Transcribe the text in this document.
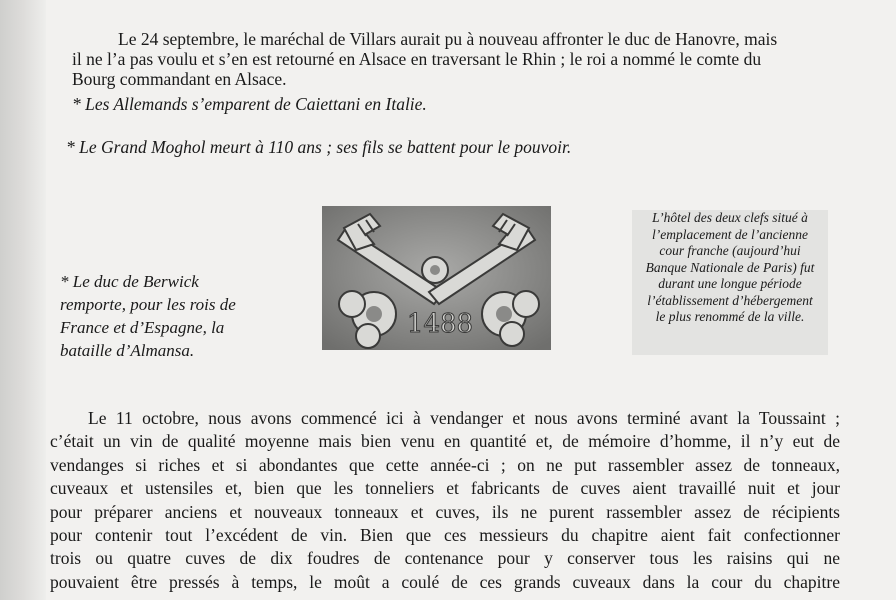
Le 24 septembre, le maréchal de Villars aurait pu à nouveau affronter le duc de Hanovre, mais
il ne l’a pas voulu et s’en est retourné en Alsace en traversant le Rhin ; le roi a nommé le comte du
Bourg commandant en Alsace.

* Les Allemands s’emparent de Caiettani en Italie.

* Le Grand Moghol meurt à 110 ans ; ses fils se battent pour le pouvoir.

* Le duc de Berwick
remporte, pour les rois de
France et d’Espagne, la
bataille d’Almansa.
1488
L’hôtel des deux clefs situé à
l’emplacement de l’ancienne
cour franche (aujourd’hui
Banque Nationale de Paris) fut
durant une longue période
l’établissement d’hébergement
le plus renommé de la ville.
Le 11 octobre, nous avons commencé ici à vendanger et nous avons terminé avant la Toussaint ;
c’était un vin de qualité moyenne mais bien venu en quantité et, de mémoire d’homme, il n’y eut de
vendanges si riches et si abondantes que cette année-ci ; on ne put rassembler assez de tonneaux,
cuveaux et ustensiles et, bien que les tonneliers et fabricants de cuves aient travaillé nuit et jour
pour préparer anciens et nouveaux tonneaux et cuves, ils ne purent rassembler assez de récipients
pour contenir tout l’excédent de vin. Bien que ces messieurs du chapitre aient fait confectionner
trois ou quatre cuves de dix foudres de contenance pour y conserver tous les raisins qui ne
pouvaient être pressés à temps, le moût a coulé de ces grands cuveaux dans la cour du chapitre
